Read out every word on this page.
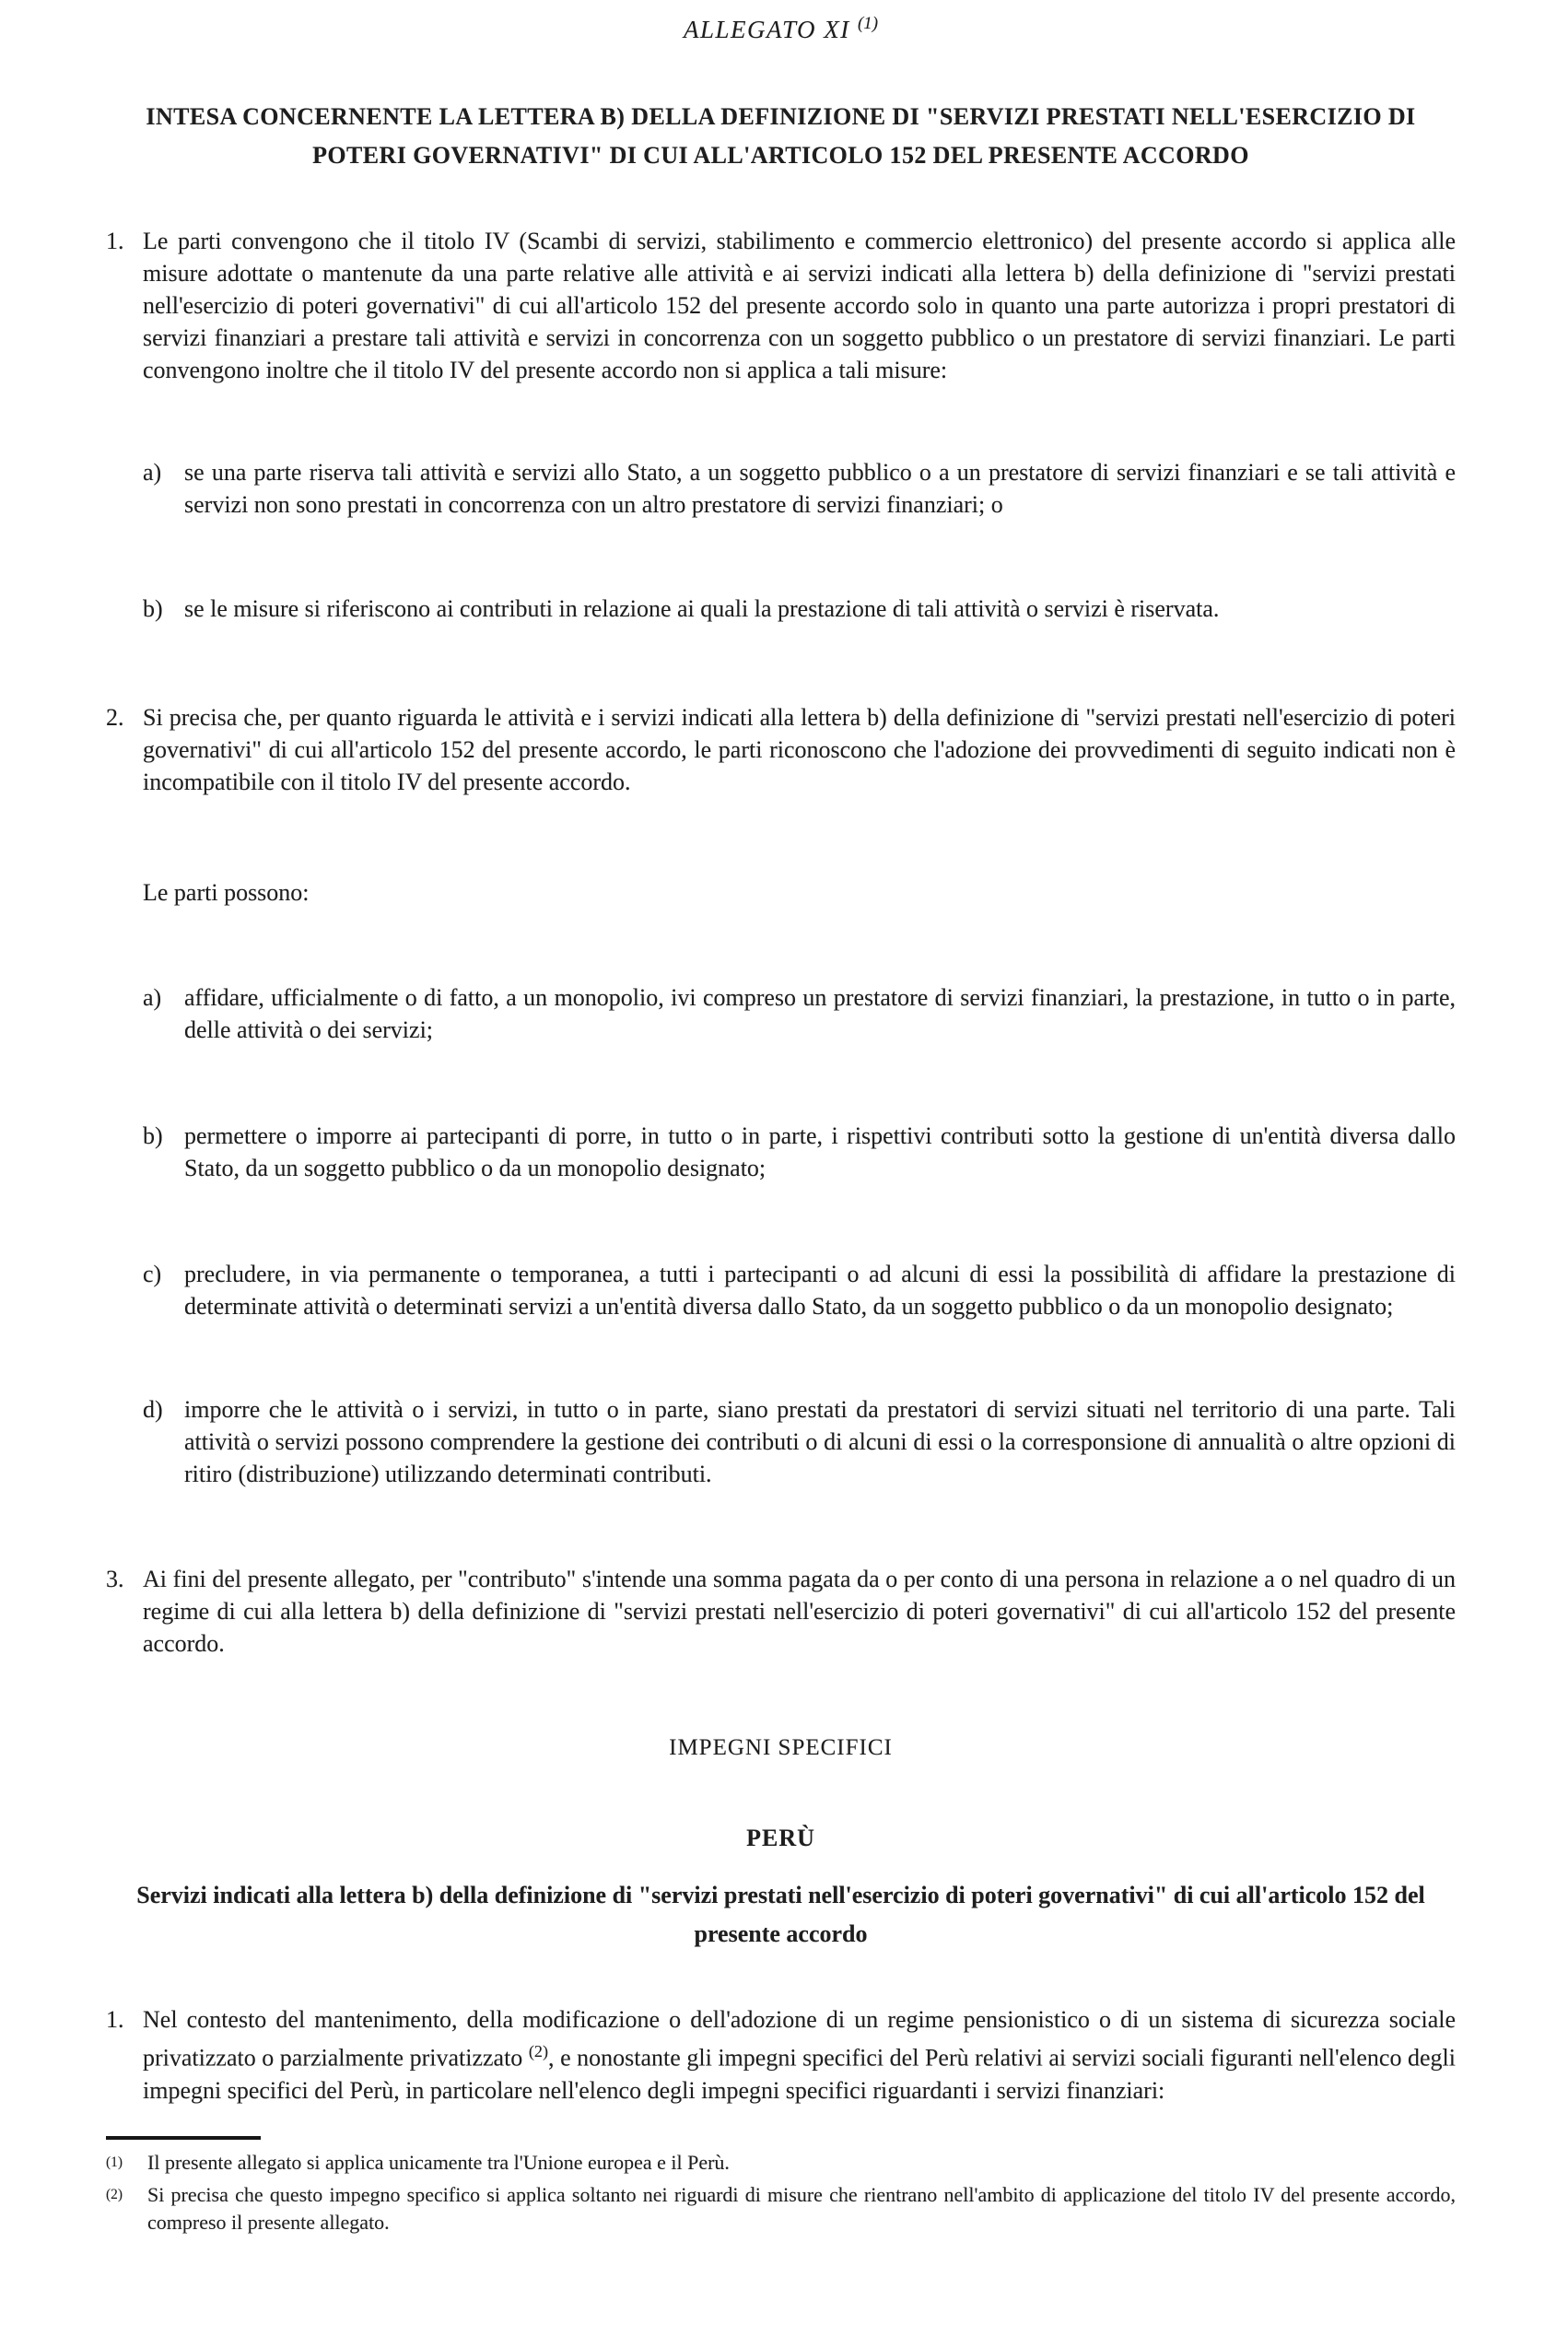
ALLEGATO XI $^{(1)}$
INTESA CONCERNENTE LA LETTERA B) DELLA DEFINIZIONE DI "SERVIZI PRESTATI NELL'ESERCIZIO DI POTERI GOVERNATIVI" DI CUI ALL'ARTICOLO 152 DEL PRESENTE ACCORDO
1. Le parti convengono che il titolo IV (Scambi di servizi, stabilimento e commercio elettronico) del presente accordo si applica alle misure adottate o mantenute da una parte relative alle attività e ai servizi indicati alla lettera b) della definizione di "servizi prestati nell'esercizio di poteri governativi" di cui all'articolo 152 del presente accordo solo in quanto una parte autorizza i propri prestatori di servizi finanziari a prestare tali attività e servizi in concorrenza con un soggetto pubblico o un prestatore di servizi finanziari. Le parti convengono inoltre che il titolo IV del presente accordo non si applica a tali misure:
a) se una parte riserva tali attività e servizi allo Stato, a un soggetto pubblico o a un prestatore di servizi finanziari e se tali attività e servizi non sono prestati in concorrenza con un altro prestatore di servizi finanziari; o
b) se le misure si riferiscono ai contributi in relazione ai quali la prestazione di tali attività o servizi è riservata.
2. Si precisa che, per quanto riguarda le attività e i servizi indicati alla lettera b) della definizione di "servizi prestati nell'esercizio di poteri governativi" di cui all'articolo 152 del presente accordo, le parti riconoscono che l'adozione dei provvedimenti di seguito indicati non è incompatibile con il titolo IV del presente accordo.
Le parti possono:
a) affidare, ufficialmente o di fatto, a un monopolio, ivi compreso un prestatore di servizi finanziari, la prestazione, in tutto o in parte, delle attività o dei servizi;
b) permettere o imporre ai partecipanti di porre, in tutto o in parte, i rispettivi contributi sotto la gestione di un'entità diversa dallo Stato, da un soggetto pubblico o da un monopolio designato;
c) precludere, in via permanente o temporanea, a tutti i partecipanti o ad alcuni di essi la possibilità di affidare la prestazione di determinate attività o determinati servizi a un'entità diversa dallo Stato, da un soggetto pubblico o da un monopolio designato;
d) imporre che le attività o i servizi, in tutto o in parte, siano prestati da prestatori di servizi situati nel territorio di una parte. Tali attività o servizi possono comprendere la gestione dei contributi o di alcuni di essi o la corresponsione di annualità o altre opzioni di ritiro (distribuzione) utilizzando determinati contributi.
3. Ai fini del presente allegato, per "contributo" s'intende una somma pagata da o per conto di una persona in relazione a o nel quadro di un regime di cui alla lettera b) della definizione di "servizi prestati nell'esercizio di poteri governativi" di cui all'articolo 152 del presente accordo.
IMPEGNI SPECIFICI
PERÙ
Servizi indicati alla lettera b) della definizione di "servizi prestati nell'esercizio di poteri governativi" di cui all'articolo 152 del presente accordo
1. Nel contesto del mantenimento, della modificazione o dell'adozione di un regime pensionistico o di un sistema di sicurezza sociale privatizzato o parzialmente privatizzato $^{(2)}$, e nonostante gli impegni specifici del Perù relativi ai servizi sociali figuranti nell'elenco degli impegni specifici del Perù, in particolare nell'elenco degli impegni specifici riguardanti i servizi finanziari:
$^{(1)}$	Il presente allegato si applica unicamente tra l'Unione europea e il Perù.
$^{(2)}$	Si precisa che questo impegno specifico si applica soltanto nei riguardi di misure che rientrano nell'ambito di applicazione del titolo IV del presente accordo, compreso il presente allegato.
